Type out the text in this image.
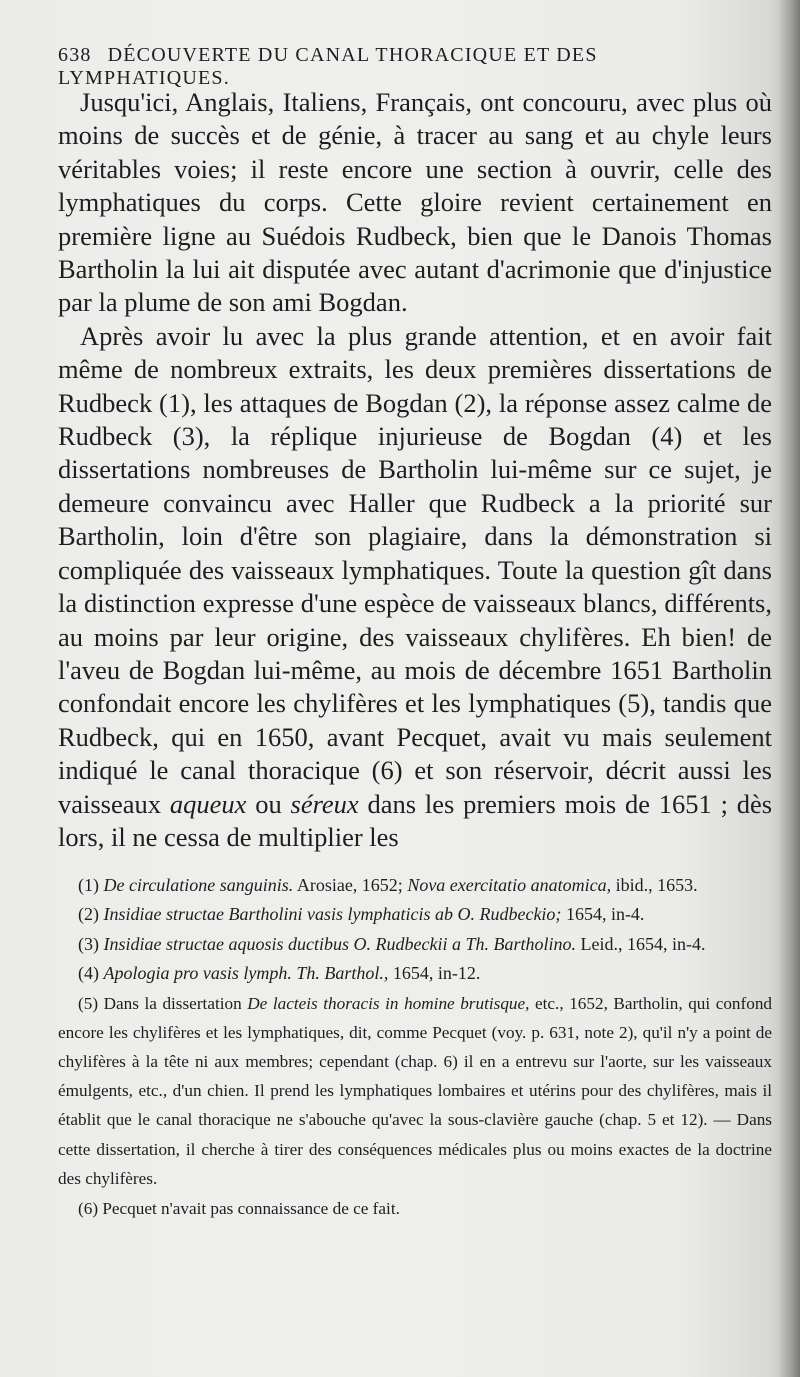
638 DÉCOUVERTE DU CANAL THORACIQUE ET DES LYMPHATIQUES.

Jusqu'ici, Anglais, Italiens, Français, ont concouru, avec plus où moins de succès et de génie, à tracer au sang et au chyle leurs véritables voies; il reste encore une section à ouvrir, celle des lymphatiques du corps. Cette gloire revient certainement en première ligne au Suédois Rudbeck, bien que le Danois Thomas Bartholin la lui ait disputée avec autant d'acrimonie que d'injustice par la plume de son ami Bogdan.

Après avoir lu avec la plus grande attention, et en avoir fait même de nombreux extraits, les deux premières dissertations de Rudbeck (1), les attaques de Bogdan (2), la réponse assez calme de Rudbeck (3), la réplique injurieuse de Bogdan (4) et les dissertations nombreuses de Bartholin lui-même sur ce sujet, je demeure convaincu avec Haller que Rudbeck a la priorité sur Bartholin, loin d'être son plagiaire, dans la démonstration si compliquée des vaisseaux lymphatiques. Toute la question gît dans la distinction expresse d'une espèce de vaisseaux blancs, différents, au moins par leur origine, des vaisseaux chylifères. Eh bien! de l'aveu de Bogdan lui-même, au mois de décembre 1651 Bartholin confondait encore les chylifères et les lymphatiques (5), tandis que Rudbeck, qui en 1650, avant Pecquet, avait vu mais seulement indiqué le canal thoracique (6) et son réservoir, décrit aussi les vaisseaux aqueux ou séreux dans les premiers mois de 1651 ; dès lors, il ne cessa de multiplier les

(1) De circulatione sanguinis. Arosiae, 1652; Nova exercitatio anatomica, ibid., 1653.

(2) Insidiae structae Bartholini vasis lymphaticis ab O. Rudbeckio; 1654, in-4.

(3) Insidiae structae aquosis ductibus O. Rudbeckii a Th. Bartholino. Leid., 1654, in-4.

(4) Apologia pro vasis lymph. Th. Barthol., 1654, in-12.

(5) Dans la dissertation De lacteis thoracis in homine brutisque, etc., 1652, Bartholin, qui confond encore les chylifères et les lymphatiques, dit, comme Pecquet (voy. p. 631, note 2), qu'il n'y a point de chylifères à la tête ni aux membres; cependant (chap. 6) il en a entrevu sur l'aorte, sur les vaisseaux émulgents, etc., d'un chien. Il prend les lymphatiques lombaires et utérins pour des chylifères, mais il établit que le canal thoracique ne s'abouche qu'avec la sous-clavière gauche (chap. 5 et 12). — Dans cette dissertation, il cherche à tirer des conséquences médicales plus ou moins exactes de la doctrine des chylifères.

(6) Pecquet n'avait pas connaissance de ce fait.
